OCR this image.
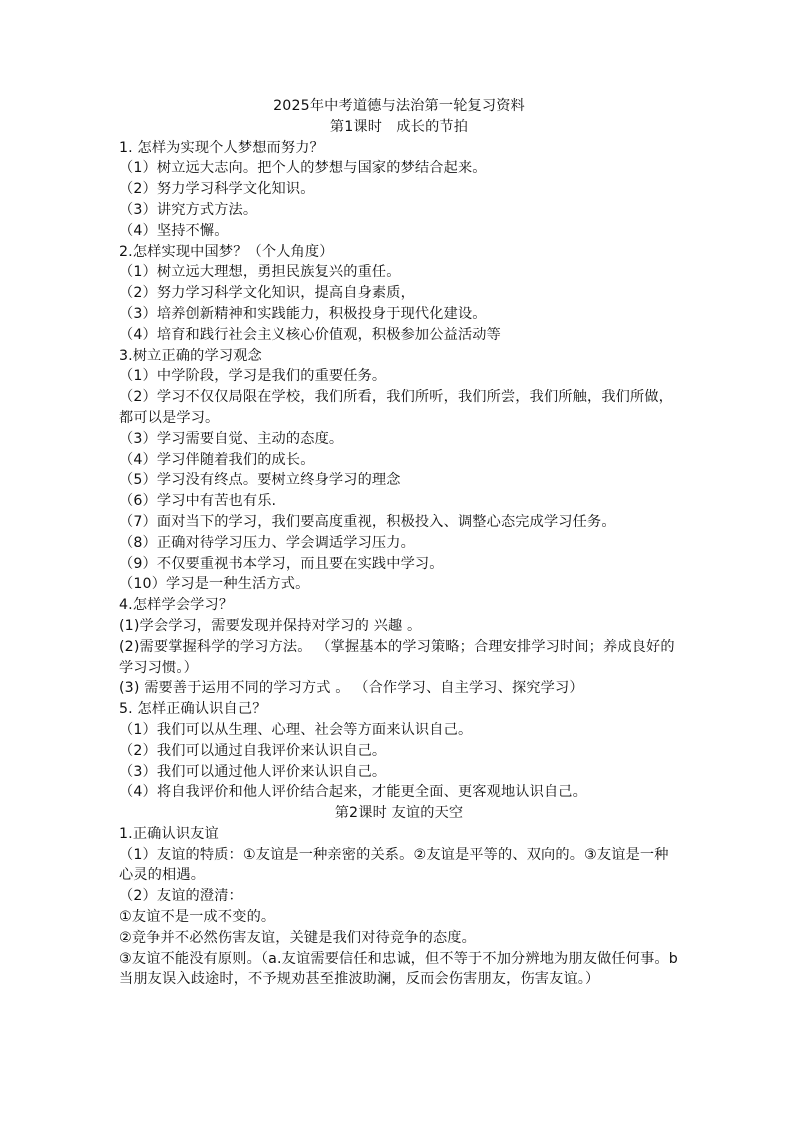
2025年中考道德与法治第一轮复习资料
第1课时　成长的节拍
1. 怎样为实现个人梦想而努力？
（1）树立远大志向。把个人的梦想与国家的梦结合起来。
（2）努力学习科学文化知识。
（3）讲究方式方法。
（4）坚持不懈。
2.怎样实现中国梦？（个人角度）
（1）树立远大理想，勇担民族复兴的重任。
（2）努力学习科学文化知识，提高自身素质，
（3）培养创新精神和实践能力，积极投身于现代化建设。
（4）培育和践行社会主义核心价值观，积极参加公益活动等
3.树立正确的学习观念
（1）中学阶段，学习是我们的重要任务。
（2）学习不仅仅局限在学校，我们所看，我们所听，我们所尝，我们所触，我们所做，都可以是学习。
（3）学习需要自觉、主动的态度。
（4）学习伴随着我们的成长。
（5）学习没有终点。要树立终身学习的理念
（6）学习中有苦也有乐.
（7）面对当下的学习，我们要高度重视，积极投入、调整心态完成学习任务。
（8）正确对待学习压力、学会调适学习压力。
（9）不仅要重视书本学习，而且要在实践中学习。
（10）学习是一种生活方式。
4.怎样学会学习？
(1)学会学习，需要发现并保持对学习的 兴趣 。
(2)需要掌握科学的学习方法。 （掌握基本的学习策略；合理安排学习时间；养成良好的学习习惯。）
(3) 需要善于运用不同的学习方式 。 （合作学习、自主学习、探究学习）
5. 怎样正确认识自己？
（1）我们可以从生理、心理、社会等方面来认识自己。
（2）我们可以通过自我评价来认识自己。
（3）我们可以通过他人评价来认识自己。
（4）将自我评价和他人评价结合起来，才能更全面、更客观地认识自己。
第2课时 友谊的天空
1.正确认识友谊
（1）友谊的特质：①友谊是一种亲密的关系。②友谊是平等的、双向的。③友谊是一种心灵的相遇。
（2）友谊的澄清：
①友谊不是一成不变的。
②竞争并不必然伤害友谊，关键是我们对待竞争的态度。
③友谊不能没有原则。（a.友谊需要信任和忠诚，但不等于不加分辨地为朋友做任何事。b当朋友误入歧途时，不予规劝甚至推波助澜，反而会伤害朋友，伤害友谊。）
